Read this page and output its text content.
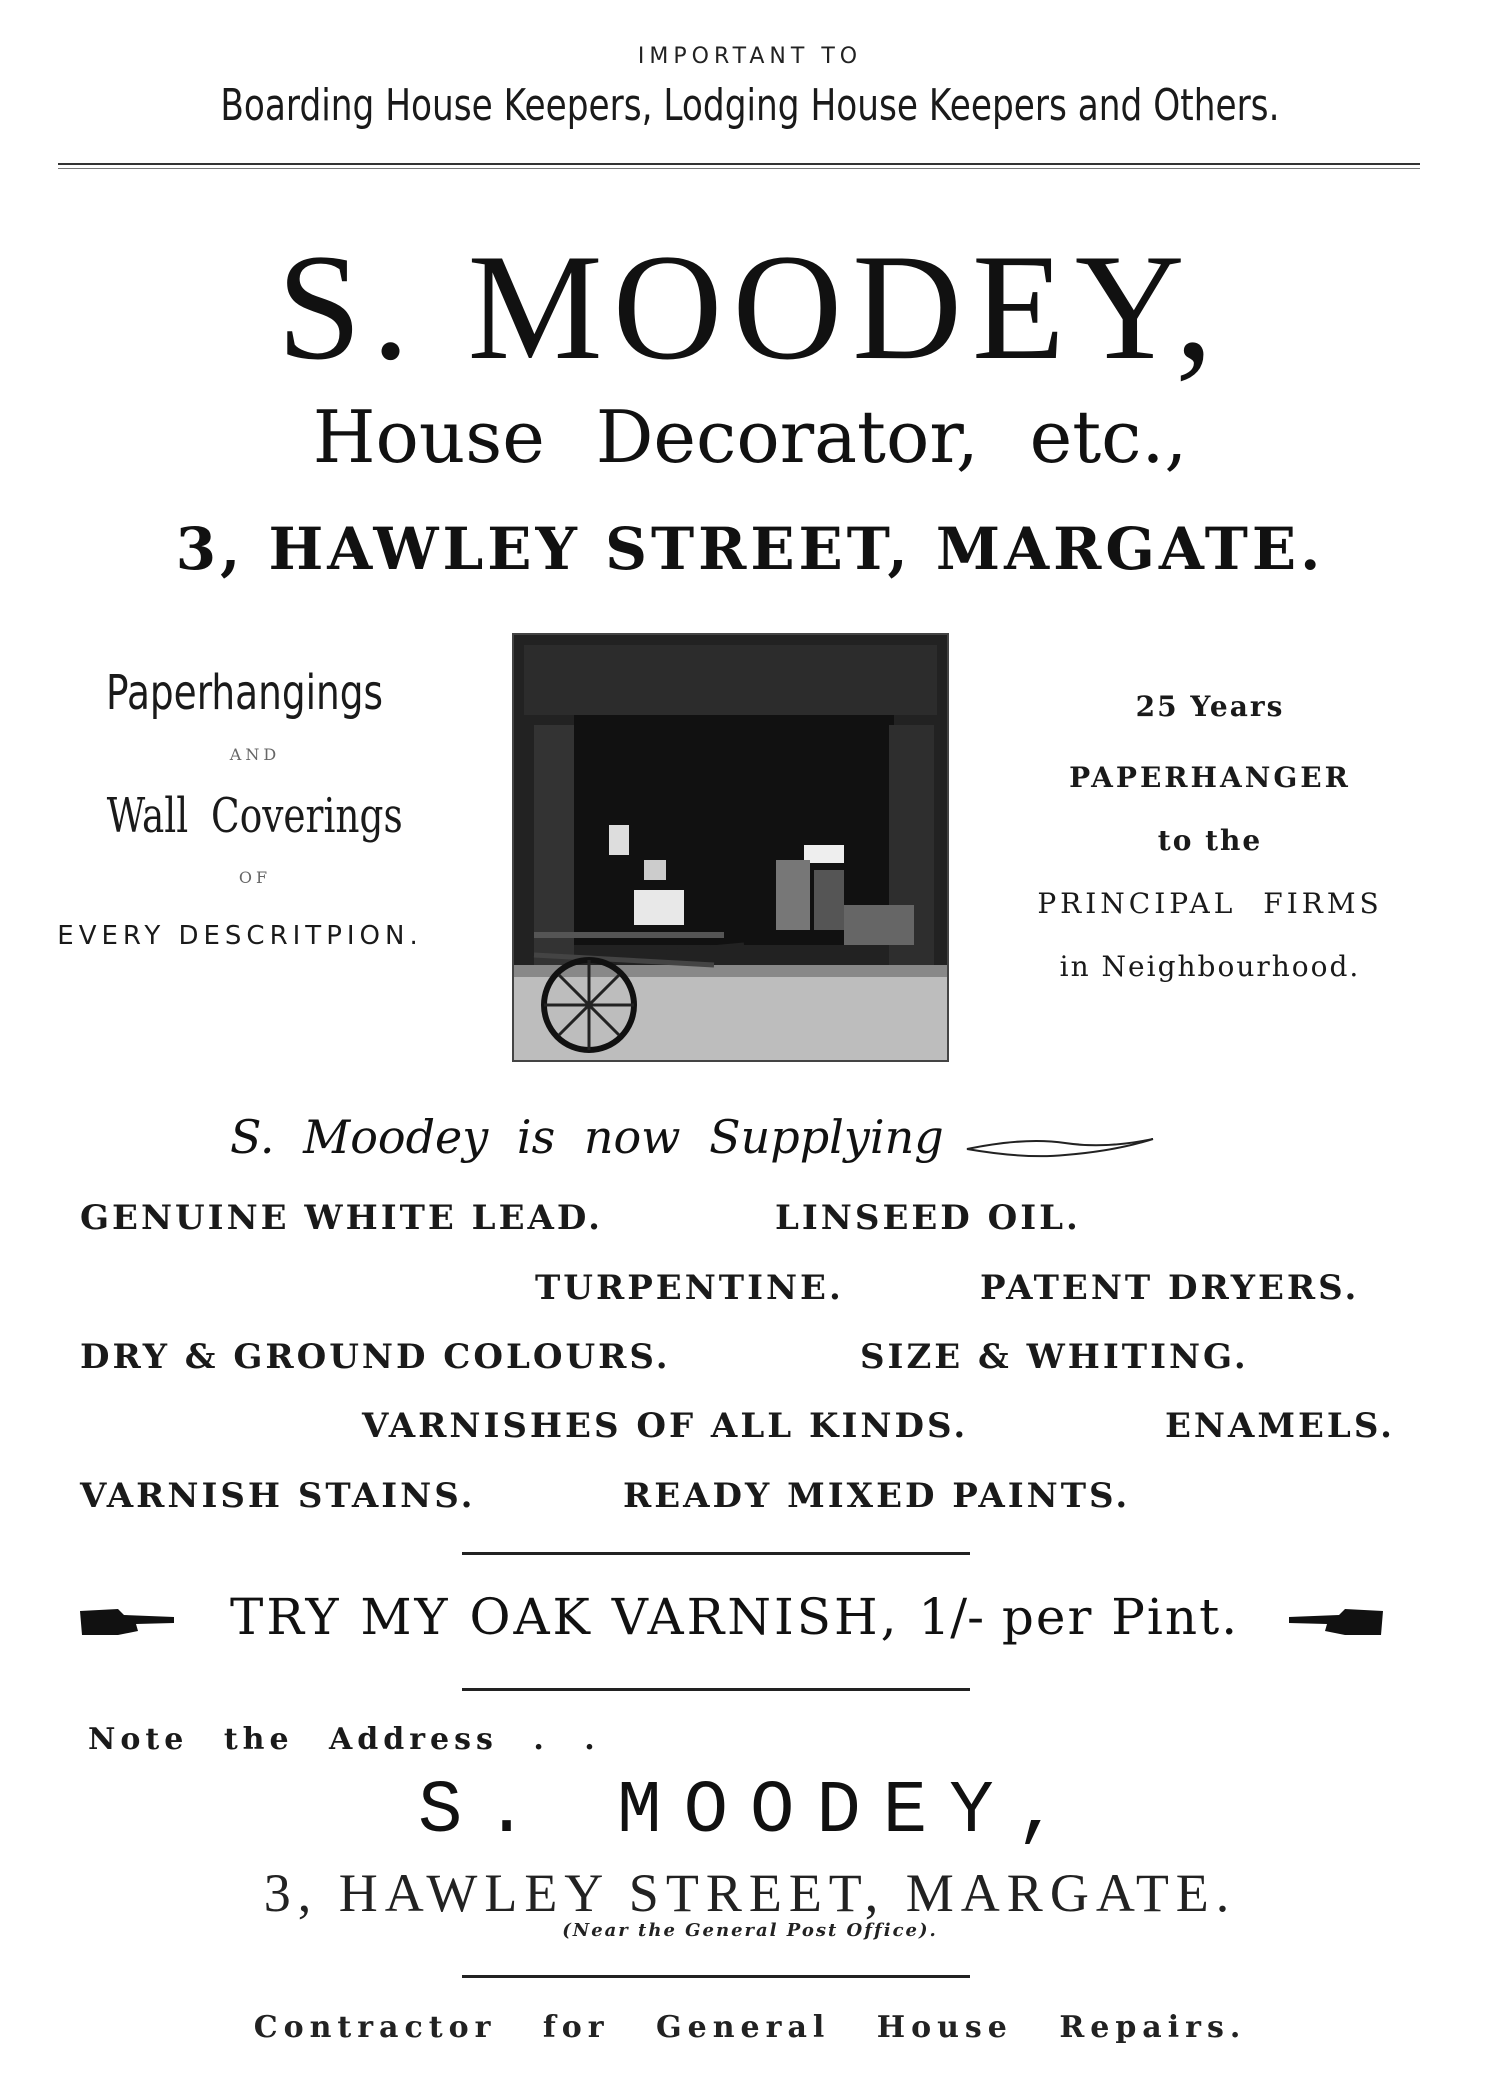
IMPORTANT TO
Boarding House Keepers, Lodging House Keepers and Others.
S. MOODEY,
House Decorator, etc.,
3, HAWLEY STREET, MARGATE.
Paperhangings
AND
Wall Coverings
OF
EVERY DESCRITPION.
25 Years
PAPERHANGER
to the
PRINCIPAL FIRMS
in Neighbourhood.
S. Moodey is now Supplying
GENUINE WHITE LEAD.	LINSEED OIL.
TURPENTINE.	PATENT DRYERS.
DRY & GROUND COLOURS.	SIZE & WHITING.
VARNISHES OF ALL KINDS.	ENAMELS.
VARNISH STAINS.	READY MIXED PAINTS.
TRY MY OAK VARNISH, 1/- per Pint.
Note the Address . .
S. MOODEY,
3, HAWLEY STREET, MARGATE.
(Near the General Post Office).
Contractor for General House Repairs.
